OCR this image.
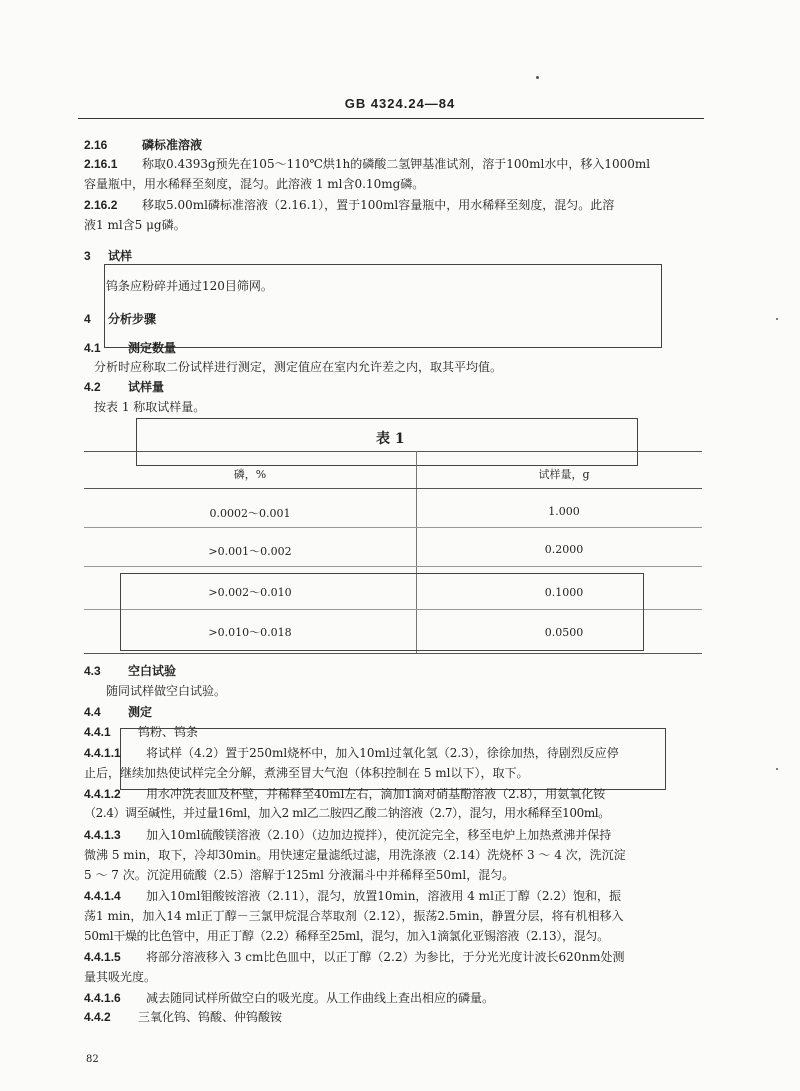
GB 4324.24—84
2.16	磷标准溶液
2.16.1 称取0.4393g预先在105～110℃烘1h的磷酸二氢钾基准试剂，溶于100ml水中，移入1000ml
容量瓶中，用水稀释至刻度，混匀。此溶液 1 ml含0.10mg磷。
2.16.2 移取5.00ml磷标准溶液（2.16.1），置于100ml容量瓶中，用水稀释至刻度，混匀。此溶
液1 ml含5 μg磷。
3 试样
钨条应粉碎并通过120目筛网。
4 分析步骤
4.1 测定数量
分析时应称取二份试样进行测定，测定值应在室内允许差之内，取其平均值。
4.2 试样量
按表 1 称取试样量。
表 1
磷，%	试样量，g
0.0002～0.001	1.000
>0.001～0.002	0.2000
>0.002～0.010	0.1000
>0.010～0.018	0.0500
4.3 空白试验
随同试样做空白试验。
4.4 测定
4.4.1 钨粉、钨条
4.4.1.1 将试样（4.2）置于250ml烧杯中，加入10ml过氧化氢（2.3），徐徐加热，待剧烈反应停
止后，继续加热使试样完全分解，煮沸至冒大气泡（体积控制在 5 ml以下），取下。
4.4.1.2 用水冲洗表皿及杯壁，并稀释至40ml左右，滴加1滴对硝基酚溶液（2.8），用氨氧化铵
（2.4）调至碱性，并过量16ml，加入2 ml乙二胺四乙酸二钠溶液（2.7），混匀，用水稀释至100ml。
4.4.1.3 加入10ml硫酸镁溶液（2.10）（边加边搅拌），使沉淀完全，移至电炉上加热煮沸并保持
微沸 5 min，取下，冷却30min。用快速定量滤纸过滤，用洗涤液（2.14）洗烧杯 3 ～ 4 次，洗沉淀
5 ～ 7 次。沉淀用硫酸（2.5）溶解于125ml 分液漏斗中并稀释至50ml，混匀。
4.4.1.4 加入10ml钼酸铵溶液（2.11），混匀，放置10min，溶液用 4 ml正丁醇（2.2）饱和，振
荡1 min，加入14 ml正丁醇－三氯甲烷混合萃取剂（2.12），振荡2.5min，静置分层，将有机相移入
50ml干燥的比色管中，用正丁醇（2.2）稀释至25ml，混匀，加入1滴氯化亚锡溶液（2.13），混匀。
4.4.1.5 将部分溶液移入 3 cm比色皿中，以正丁醇（2.2）为参比，于分光光度计波长620nm处测
量其吸光度。
4.4.1.6 减去随同试样所做空白的吸光度。从工作曲线上查出相应的磷量。
4.4.2 三氧化钨、钨酸、仲钨酸铵
82
